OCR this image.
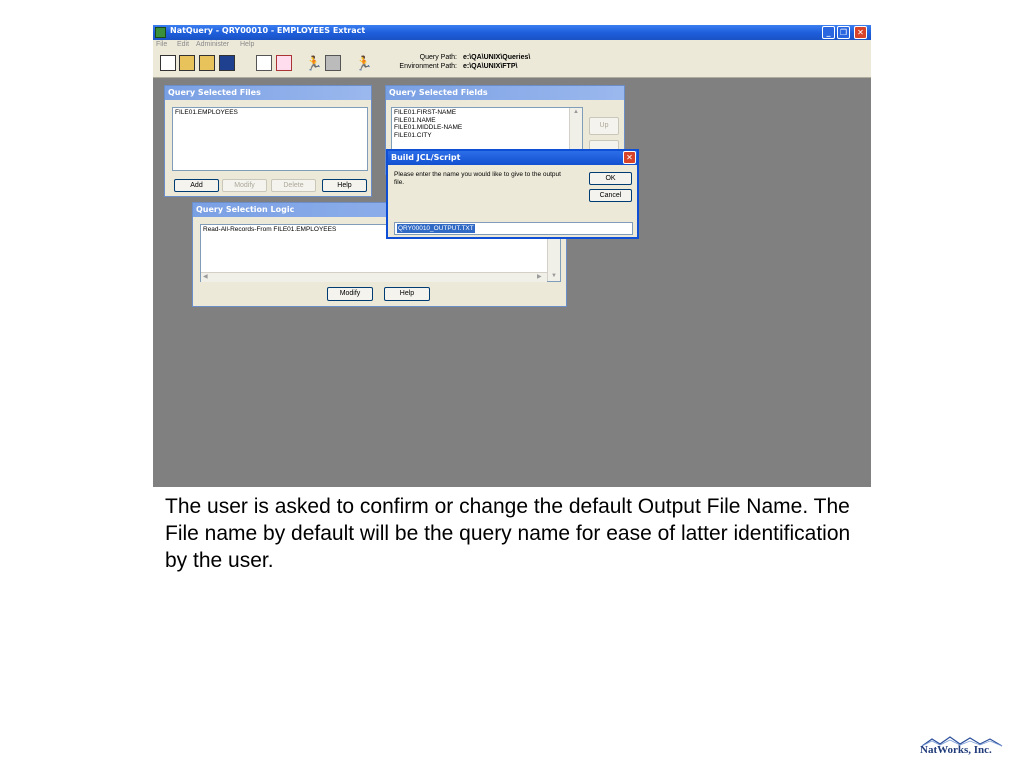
NatQuery - QRY00010 - EMPLOYEES Extract	_	❐	✕
File Edit Administer Help
🏃 🏃	Query Path: e:\QA\UNIX\Queries\
Environment Path: e:\QA\UNIX\FTP\
Query Selected Files
FILE01.EMPLOYEES
Add	Modify	Delete	Help
Query Selected Fields
FILE01.FIRST-NAME
FILE01.NAME
FILE01.MIDDLE-NAME
FILE01.CITY
▲
Up
Query Selection Logic
Read-All-Records-From FILE01.EMPLOYEES
▼
◀	▶
Modify	Help
Build JCL/Script	✕
Please enter the name you would like to give to the output file.	OK
Cancel
QRY00010_OUTPUT.TXT
The user is asked to confirm or change the default Output File Name. The File name by default will be the query name for ease of latter identification by the user.
NatWorks, Inc.
